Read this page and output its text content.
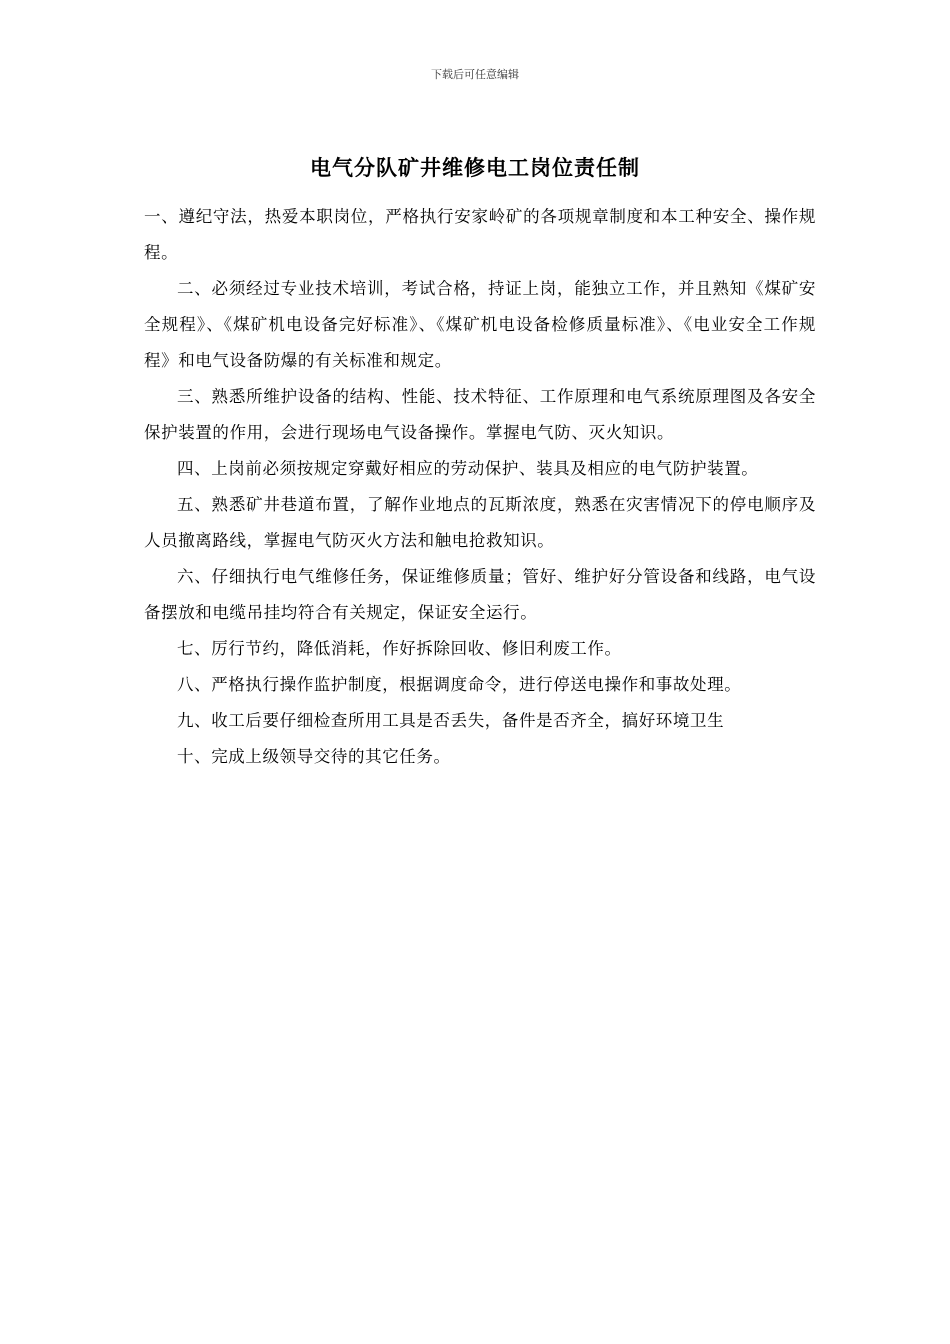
下载后可任意编辑
电气分队矿井维修电工岗位责任制

一、遵纪守法，热爱本职岗位，严格执行安家岭矿的各项规章制度和本工种安全、操作规程。

二、必须经过专业技术培训，考试合格，持证上岗，能独立工作，并且熟知《煤矿安全规程》、《煤矿机电设备完好标准》、《煤矿机电设备检修质量标准》、《电业安全工作规程》和电气设备防爆的有关标准和规定。

三、熟悉所维护设备的结构、性能、技术特征、工作原理和电气系统原理图及各安全保护装置的作用，会进行现场电气设备操作。掌握电气防、灭火知识。

四、上岗前必须按规定穿戴好相应的劳动保护、装具及相应的电气防护装置。

五、熟悉矿井巷道布置，了解作业地点的瓦斯浓度，熟悉在灾害情况下的停电顺序及人员撤离路线，掌握电气防灭火方法和触电抢救知识。

六、仔细执行电气维修任务，保证维修质量；管好、维护好分管设备和线路，电气设备摆放和电缆吊挂均符合有关规定，保证安全运行。

七、厉行节约，降低消耗，作好拆除回收、修旧利废工作。

八、严格执行操作监护制度，根据调度命令，进行停送电操作和事故处理。

九、收工后要仔细检查所用工具是否丢失，备件是否齐全，搞好环境卫生

十、完成上级领导交待的其它任务。
